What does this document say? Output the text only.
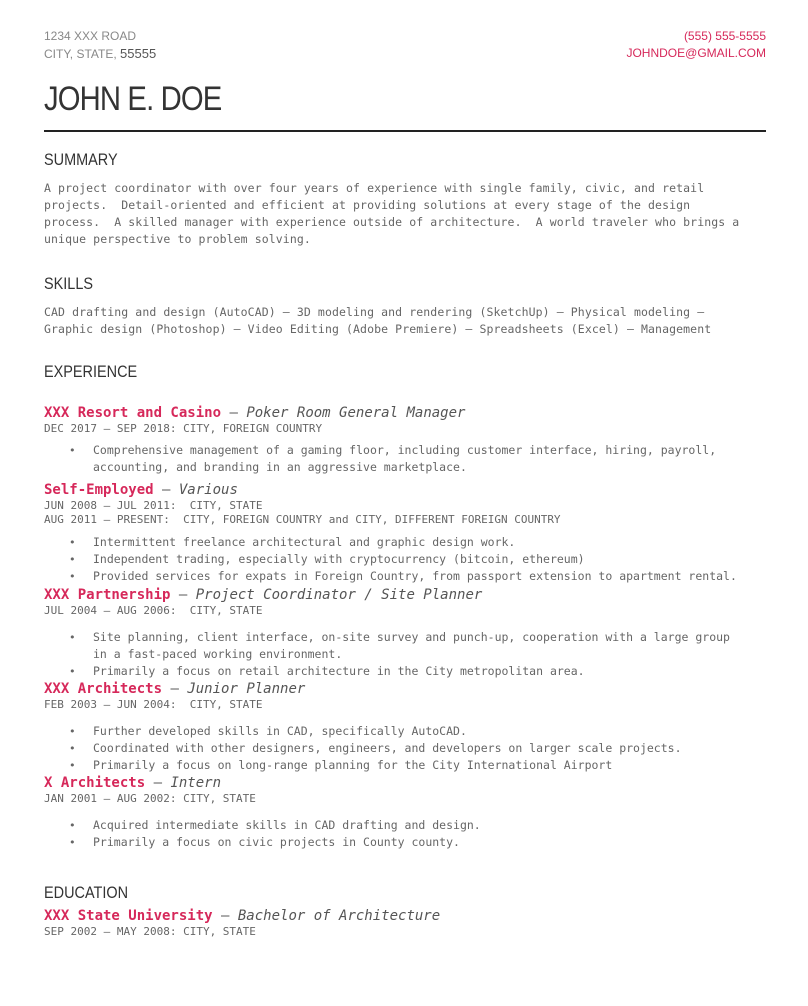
1234 XXX ROAD
CITY, STATE, 55555
(555) 555-5555
JOHNDOE@GMAIL.COM
JOHN E. DOE
SUMMARY
A project coordinator with over four years of experience with single family, civic, and retail
projects.  Detail-oriented and efficient at providing solutions at every stage of the design
process.  A skilled manager with experience outside of architecture.  A world traveler who brings a
unique perspective to problem solving.
SKILLS
CAD drafting and design (AutoCAD) – 3D modeling and rendering (SketchUp) – Physical modeling –
Graphic design (Photoshop) – Video Editing (Adobe Premiere) – Spreadsheets (Excel) – Management
EXPERIENCE
XXX Resort and Casino — Poker Room General Manager
DEC 2017 – SEP 2018: CITY, FOREIGN COUNTRY
• Comprehensive management of a gaming floor, including customer interface, hiring, payroll,
accounting, and branding in an aggressive marketplace.
Self-Employed — Various
JUN 2008 – JUL 2011:  CITY, STATE
AUG 2011 – PRESENT:  CITY, FOREIGN COUNTRY and CITY, DIFFERENT FOREIGN COUNTRY
• Intermittent freelance architectural and graphic design work.
• Independent trading, especially with cryptocurrency (bitcoin, ethereum)
• Provided services for expats in Foreign Country, from passport extension to apartment rental.
XXX Partnership — Project Coordinator / Site Planner
JUL 2004 – AUG 2006:  CITY, STATE
• Site planning, client interface, on-site survey and punch-up, cooperation with a large group
in a fast-paced working environment.
• Primarily a focus on retail architecture in the City metropolitan area.
XXX Architects — Junior Planner
FEB 2003 – JUN 2004:  CITY, STATE
• Further developed skills in CAD, specifically AutoCAD.
• Coordinated with other designers, engineers, and developers on larger scale projects.
• Primarily a focus on long-range planning for the City International Airport
X Architects — Intern
JAN 2001 – AUG 2002: CITY, STATE
• Acquired intermediate skills in CAD drafting and design.
• Primarily a focus on civic projects in County county.
EDUCATION
XXX State University — Bachelor of Architecture
SEP 2002 – MAY 2008: CITY, STATE
